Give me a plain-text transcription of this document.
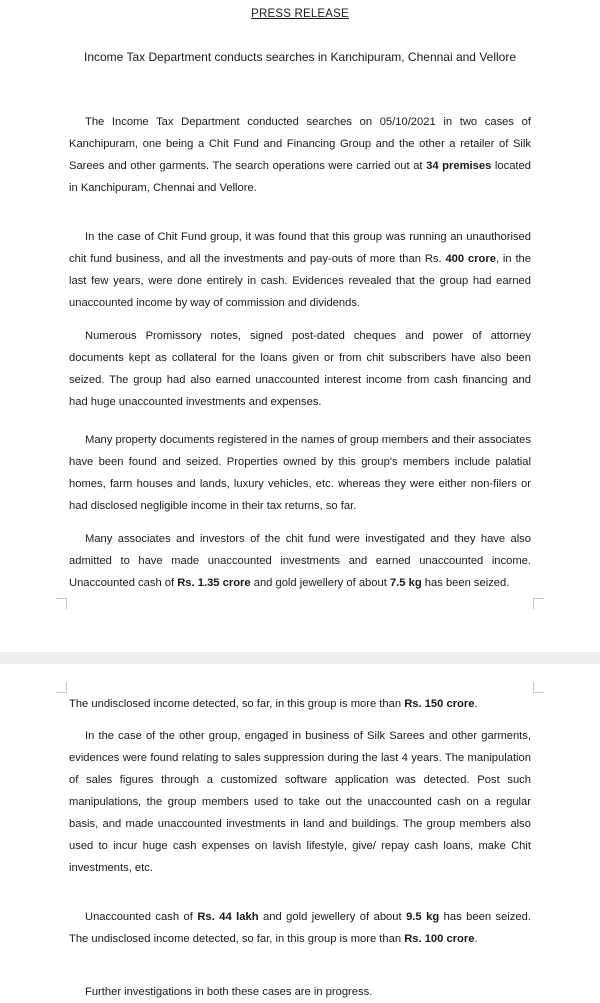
PRESS RELEASE
Income Tax Department conducts searches in Kanchipuram, Chennai and Vellore

The Income Tax Department conducted searches on 05/10/2021 in two cases of Kanchipuram, one being a Chit Fund and Financing Group and the other a retailer of Silk Sarees and other garments. The search operations were carried out at 34 premises located in Kanchipuram, Chennai and Vellore.

In the case of Chit Fund group, it was found that this group was running an unauthorised chit fund business, and all the investments and pay-outs of more than Rs. 400 crore, in the last few years, were done entirely in cash. Evidences revealed that the group had earned unaccounted income by way of commission and dividends.

Numerous Promissory notes, signed post-dated cheques and power of attorney documents kept as collateral for the loans given or from chit subscribers have also been seized. The group had also earned unaccounted interest income from cash financing and had huge unaccounted investments and expenses.

Many property documents registered in the names of group members and their associates have been found and seized. Properties owned by this group's members include palatial homes, farm houses and lands, luxury vehicles, etc. whereas they were either non-filers or had disclosed negligible income in their tax returns, so far.

Many associates and investors of the chit fund were investigated and they have also admitted to have made unaccounted investments and earned unaccounted income. Unaccounted cash of Rs. 1.35 crore and gold jewellery of about 7.5 kg has been seized.

The undisclosed income detected, so far, in this group is more than Rs. 150 crore.

In the case of the other group, engaged in business of Silk Sarees and other garments, evidences were found relating to sales suppression during the last 4 years. The manipulation of sales figures through a customized software application was detected. Post such manipulations, the group members used to take out the unaccounted cash on a regular basis, and made unaccounted investments in land and buildings. The group members also used to incur huge cash expenses on lavish lifestyle, give/ repay cash loans, make Chit investments, etc.

Unaccounted cash of Rs. 44 lakh and gold jewellery of about 9.5 kg has been seized. The undisclosed income detected, so far, in this group is more than Rs. 100 crore.

Further investigations in both these cases are in progress.
